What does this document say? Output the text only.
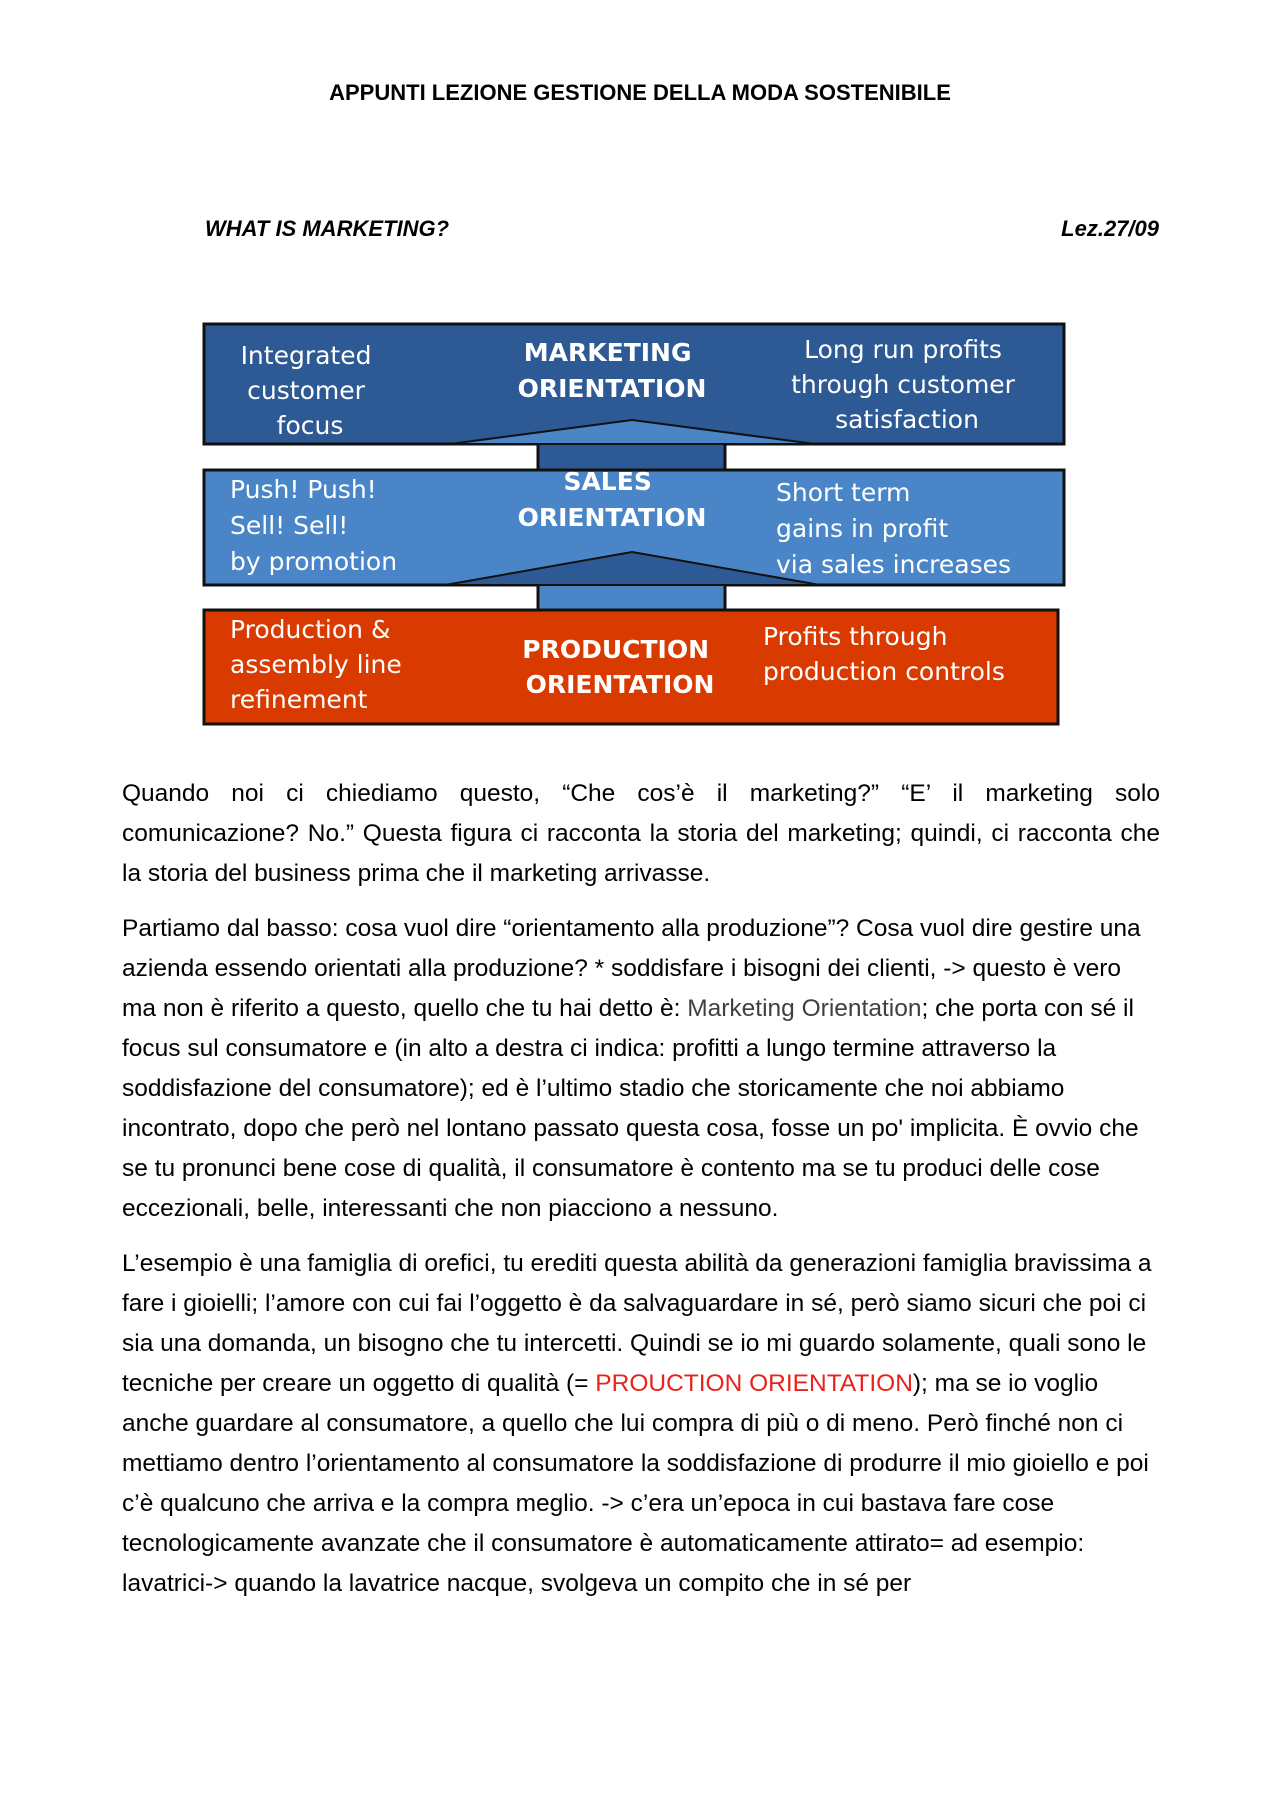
APPUNTI LEZIONE GESTIONE DELLA MODA SOSTENIBILE
WHAT IS MARKETING?	Lez.27/09
Integrated customer focus
MARKETING ORIENTATION
Long run profits through customer satisfaction
Push! Push! Sell! Sell! by promotion
SALES ORIENTATION
Short term gains in profit via sales increases
Production & assembly line refinement
PRODUCTION ORIENTATION
Profits through production controls

Quando noi ci chiediamo questo, “Che cos’è il marketing?” “E’ il marketing solo comunicazione? No.” Questa figura ci racconta la storia del marketing; quindi, ci racconta che la storia del business prima che il marketing arrivasse.

Partiamo dal basso: cosa vuol dire “orientamento alla produzione”? Cosa vuol dire gestire una azienda essendo orientati alla produzione? * soddisfare i bisogni dei clienti, -> questo è vero ma non è riferito a questo, quello che tu hai detto è: Marketing Orientation; che porta con sé il focus sul consumatore e (in alto a destra ci indica: profitti a lungo termine attraverso la soddisfazione del consumatore); ed è l’ultimo stadio che storicamente che noi abbiamo incontrato, dopo che però nel lontano passato questa cosa, fosse un po' implicita. È ovvio che se tu pronunci bene cose di qualità, il consumatore è contento ma se tu produci delle cose eccezionali, belle, interessanti che non piacciono a nessuno.

L’esempio è una famiglia di orefici, tu erediti questa abilità da generazioni famiglia bravissima a fare i gioielli; l’amore con cui fai l’oggetto è da salvaguardare in sé, però siamo sicuri che poi ci sia una domanda, un bisogno che tu intercetti. Quindi se io mi guardo solamente, quali sono le tecniche per creare un oggetto di qualità (= PROUCTION ORIENTATION); ma se io voglio anche guardare al consumatore, a quello che lui compra di più o di meno. Però finché non ci mettiamo dentro l’orientamento al consumatore la soddisfazione di produrre il mio gioiello e poi c’è qualcuno che arriva e la compra meglio. -> c’era un’epoca in cui bastava fare cose tecnologicamente avanzate che il consumatore è automaticamente attirato= ad esempio: lavatrici-> quando la lavatrice nacque, svolgeva un compito che in sé per
